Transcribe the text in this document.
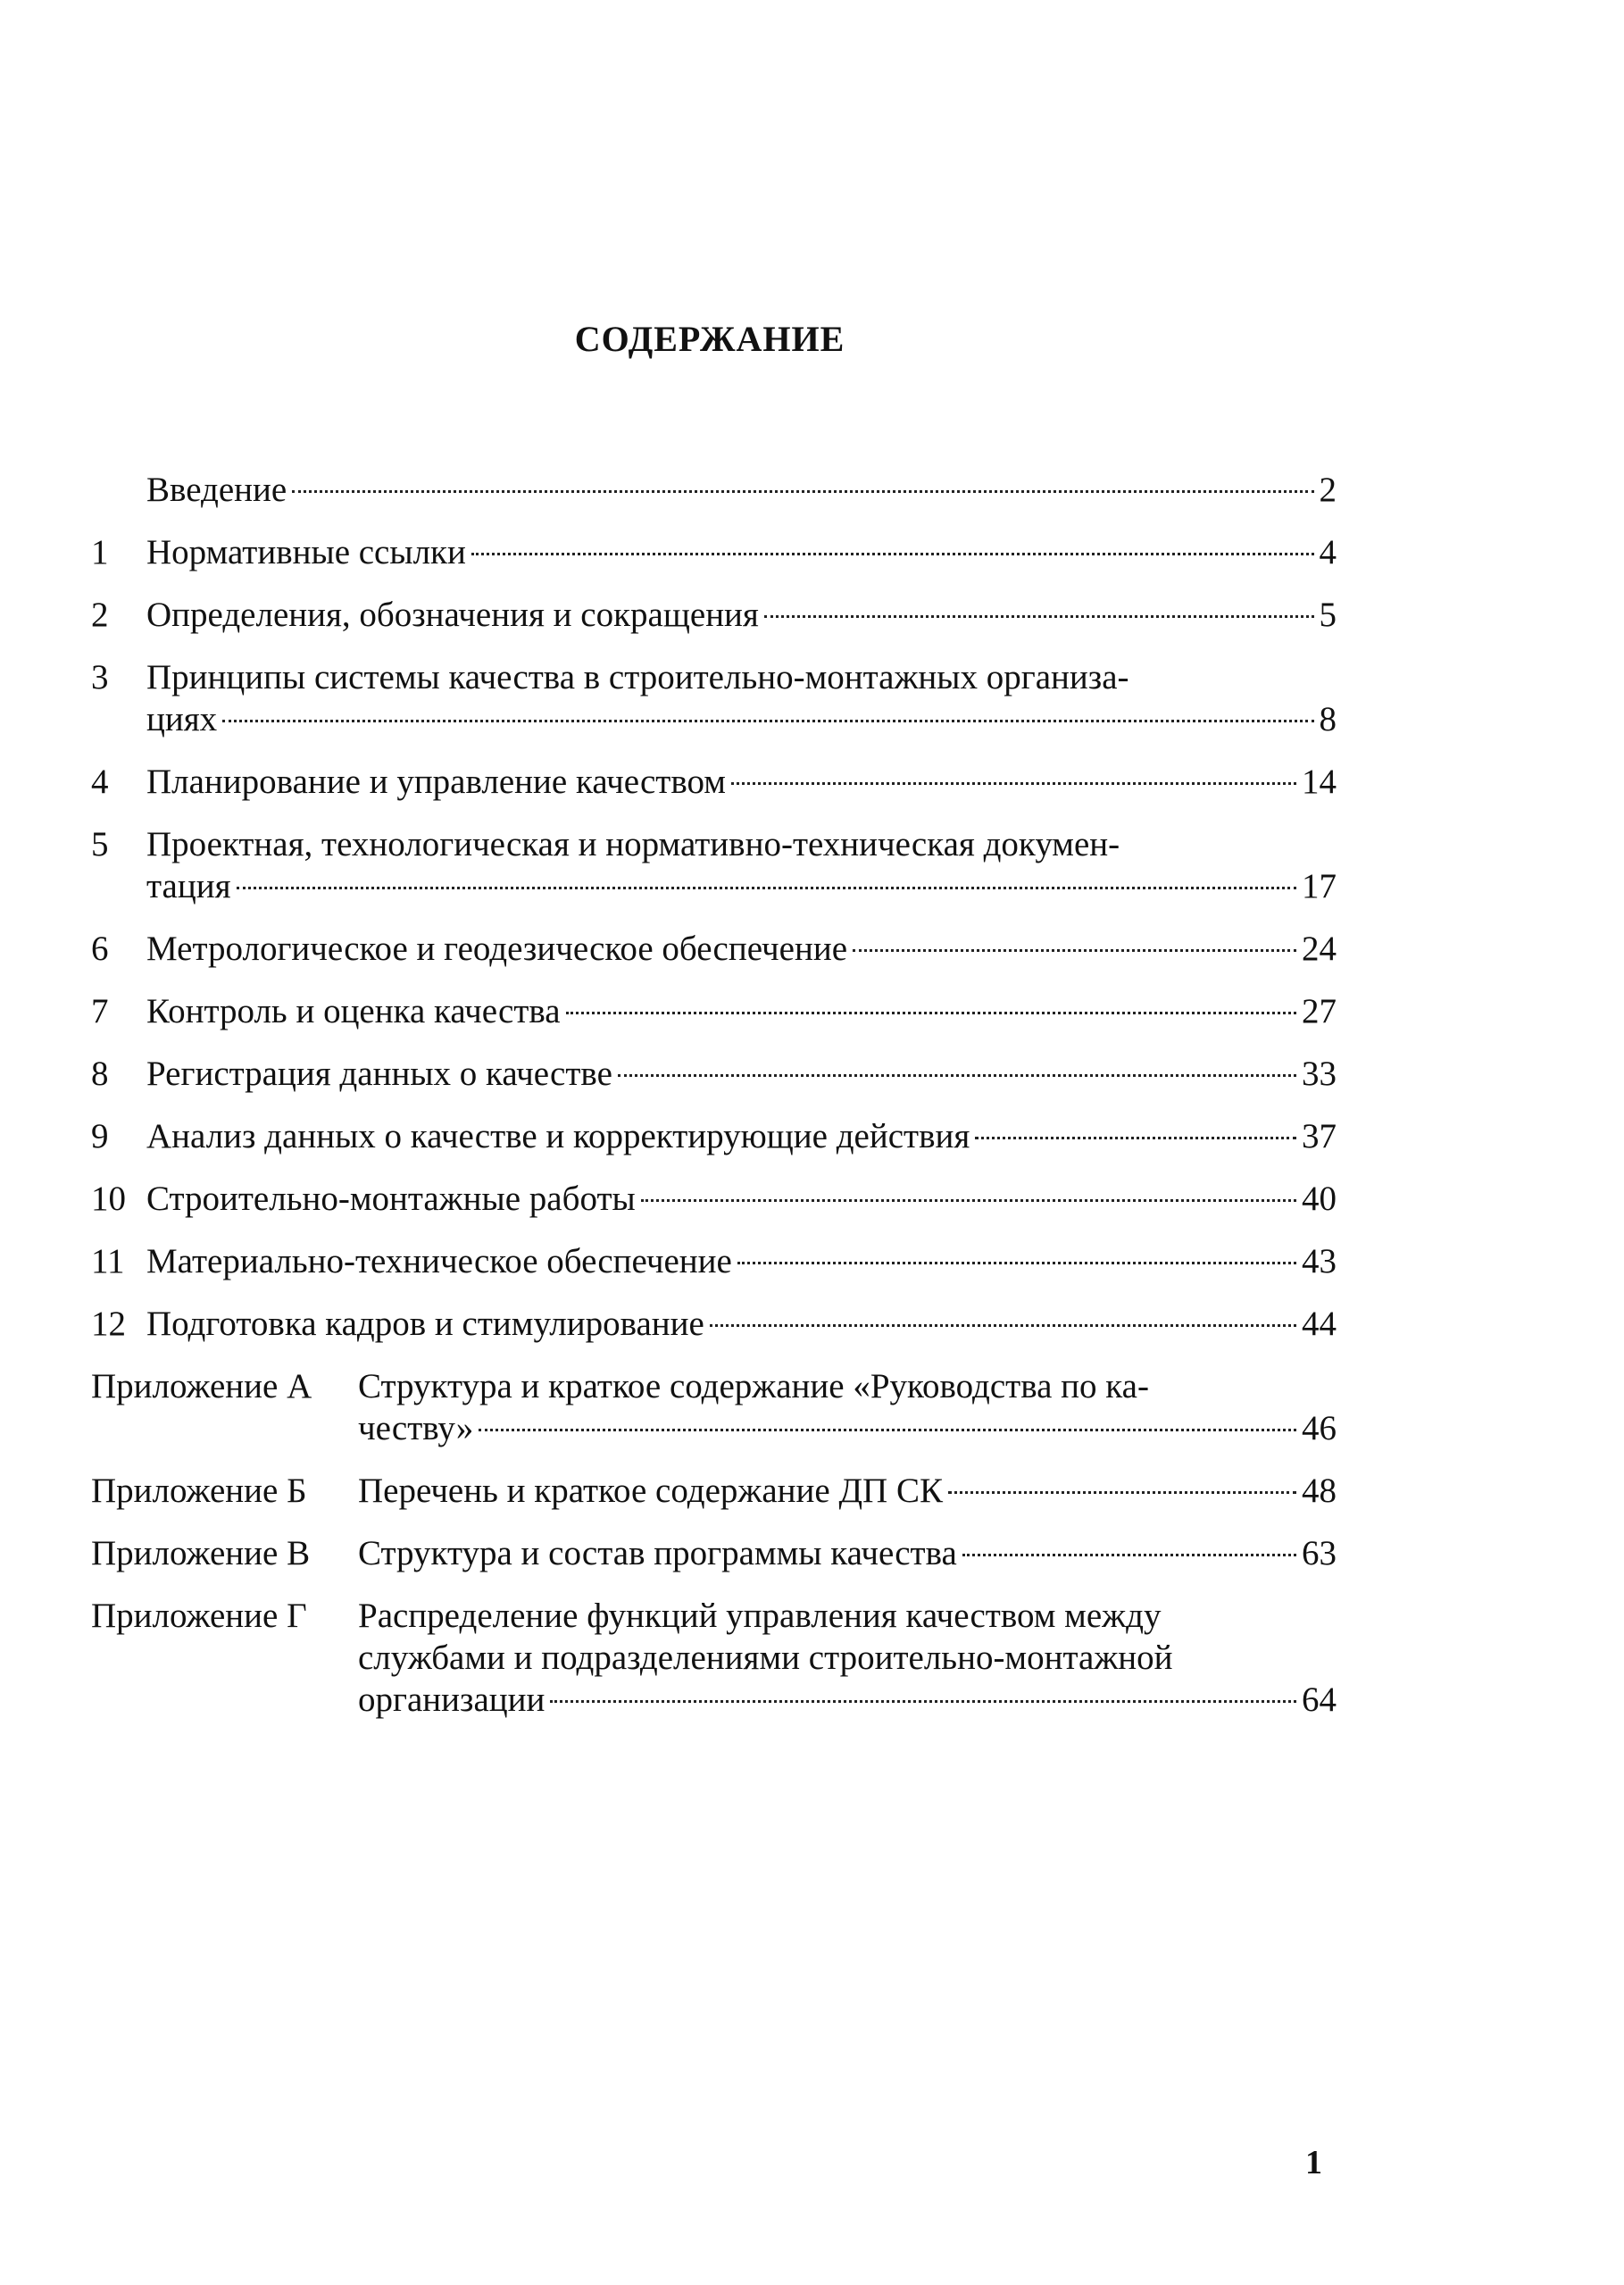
СОДЕРЖАНИЕ
Введение	2
1	Нормативные ссылки	4
2	Определения, обозначения и сокращения	5
3	Принципы системы качества в строительно-монтажных организа-
циях	8
4	Планирование и управление качеством	14
5	Проектная, технологическая и нормативно-техническая докумен-
тация	17
6	Метрологическое и геодезическое обеспечение	24
7	Контроль и оценка качества	27
8	Регистрация данных о качестве	33
9	Анализ данных о качестве и корректирующие действия	37
10 Строительно-монтажные работы	40
11 Материально-техническое обеспечение	43
12 Подготовка кадров и стимулирование	44
Приложение А	Структура и краткое содержание «Руководства по ка-
честву»	46
Приложение Б	Перечень и краткое содержание ДП СК	48
Приложение В	Структура и состав программы качества	63
Приложение Г	Распределение функций управления качеством между
службами и подразделениями строительно-монтажной
организации	64
1
